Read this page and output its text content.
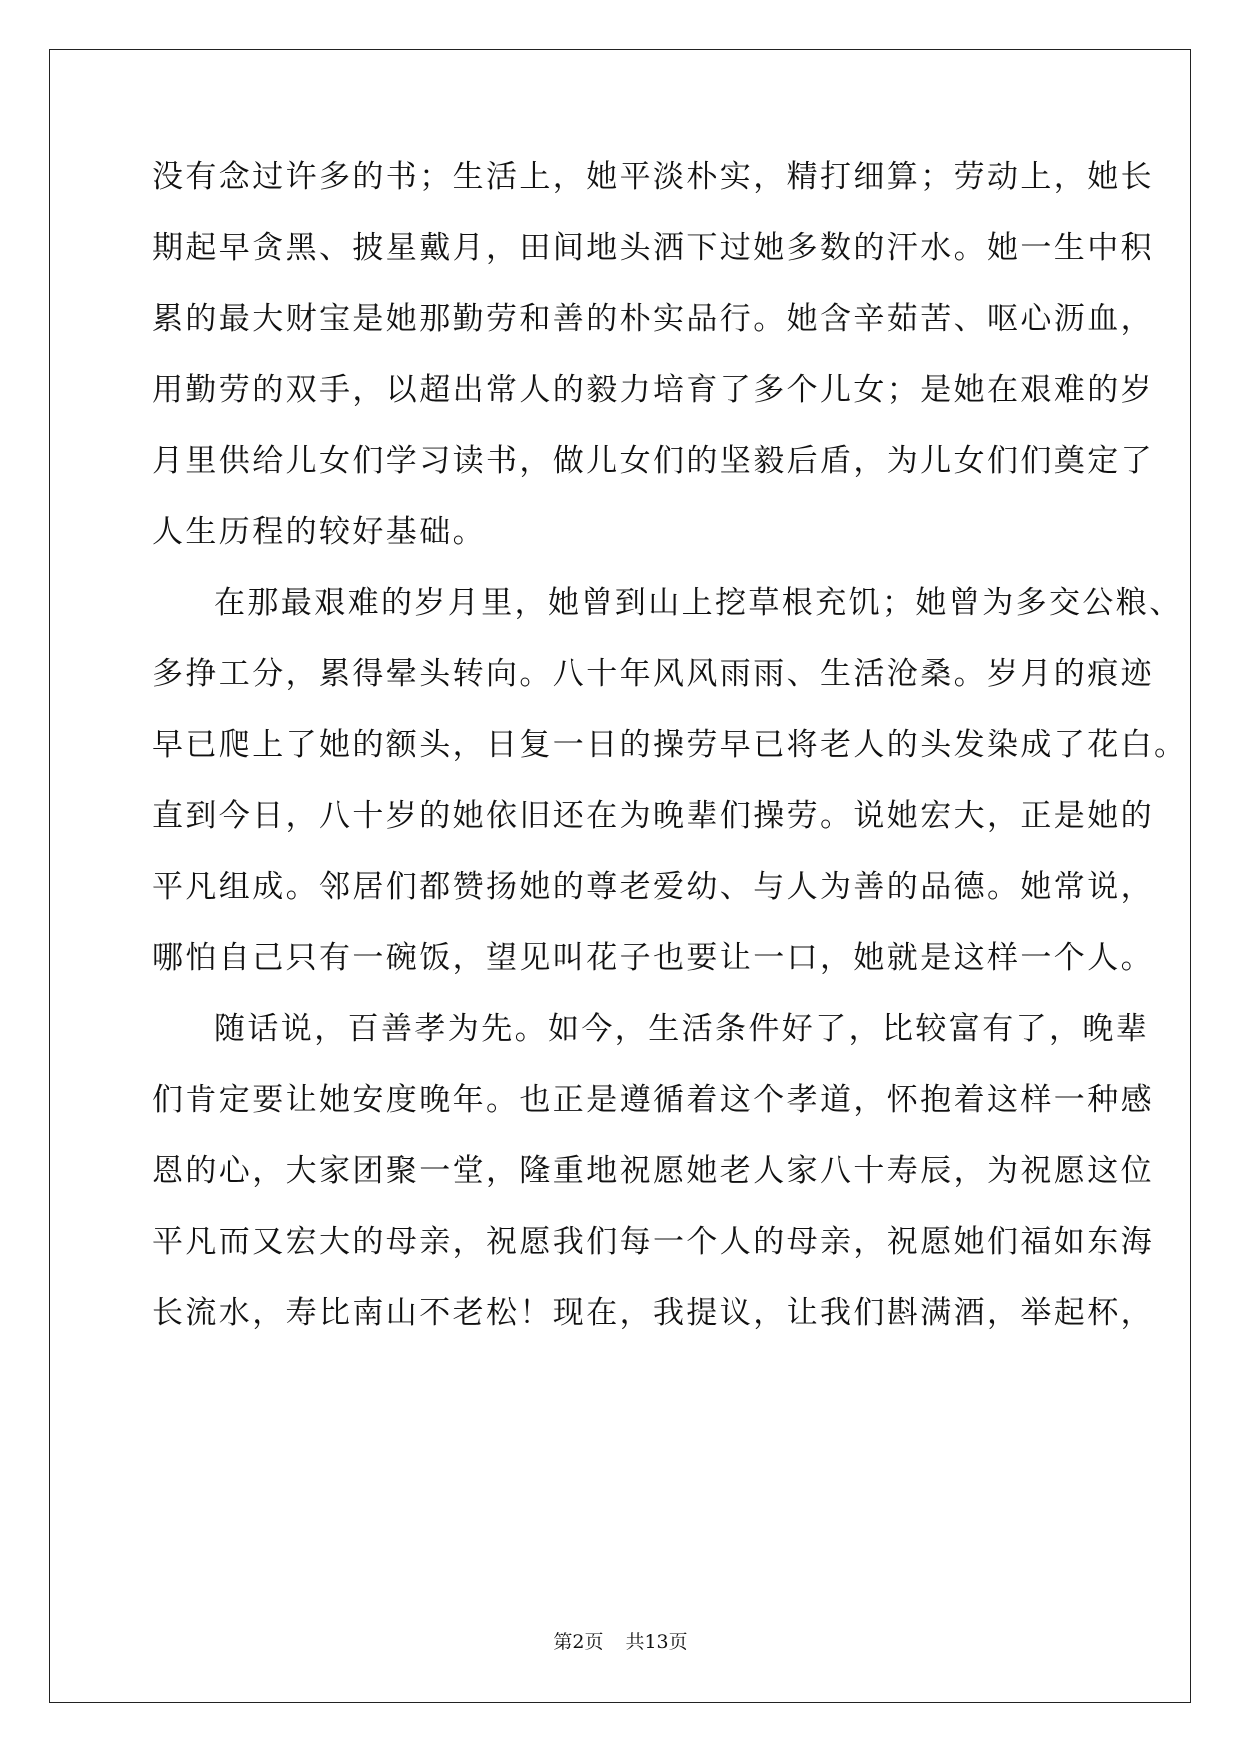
没有念过许多的书；生活上，她平淡朴实，精打细算；劳动上，她长
期起早贪黑、披星戴月，田间地头洒下过她多数的汗水。她一生中积
累的最大财宝是她那勤劳和善的朴实品行。她含辛茹苦、呕心沥血，
用勤劳的双手，以超出常人的毅力培育了多个儿女；是她在艰难的岁
月里供给儿女们学习读书，做儿女们的坚毅后盾，为儿女们们奠定了
人生历程的较好基础。
在那最艰难的岁月里，她曾到山上挖草根充饥；她曾为多交公粮、
多挣工分，累得晕头转向。八十年风风雨雨、生活沧桑。岁月的痕迹
早已爬上了她的额头，日复一日的操劳早已将老人的头发染成了花白。
直到今日，八十岁的她依旧还在为晚辈们操劳。说她宏大，正是她的
平凡组成。邻居们都赞扬她的尊老爱幼、与人为善的品德。她常说，
哪怕自己只有一碗饭，望见叫花子也要让一口，她就是这样一个人。
随话说，百善孝为先。如今，生活条件好了，比较富有了，晚辈
们肯定要让她安度晚年。也正是遵循着这个孝道，怀抱着这样一种感
恩的心，大家团聚一堂，隆重地祝愿她老人家八十寿辰，为祝愿这位
平凡而又宏大的母亲，祝愿我们每一个人的母亲，祝愿她们福如东海
长流水，寿比南山不老松！现在，我提议，让我们斟满酒，举起杯，
第2页 共13页
